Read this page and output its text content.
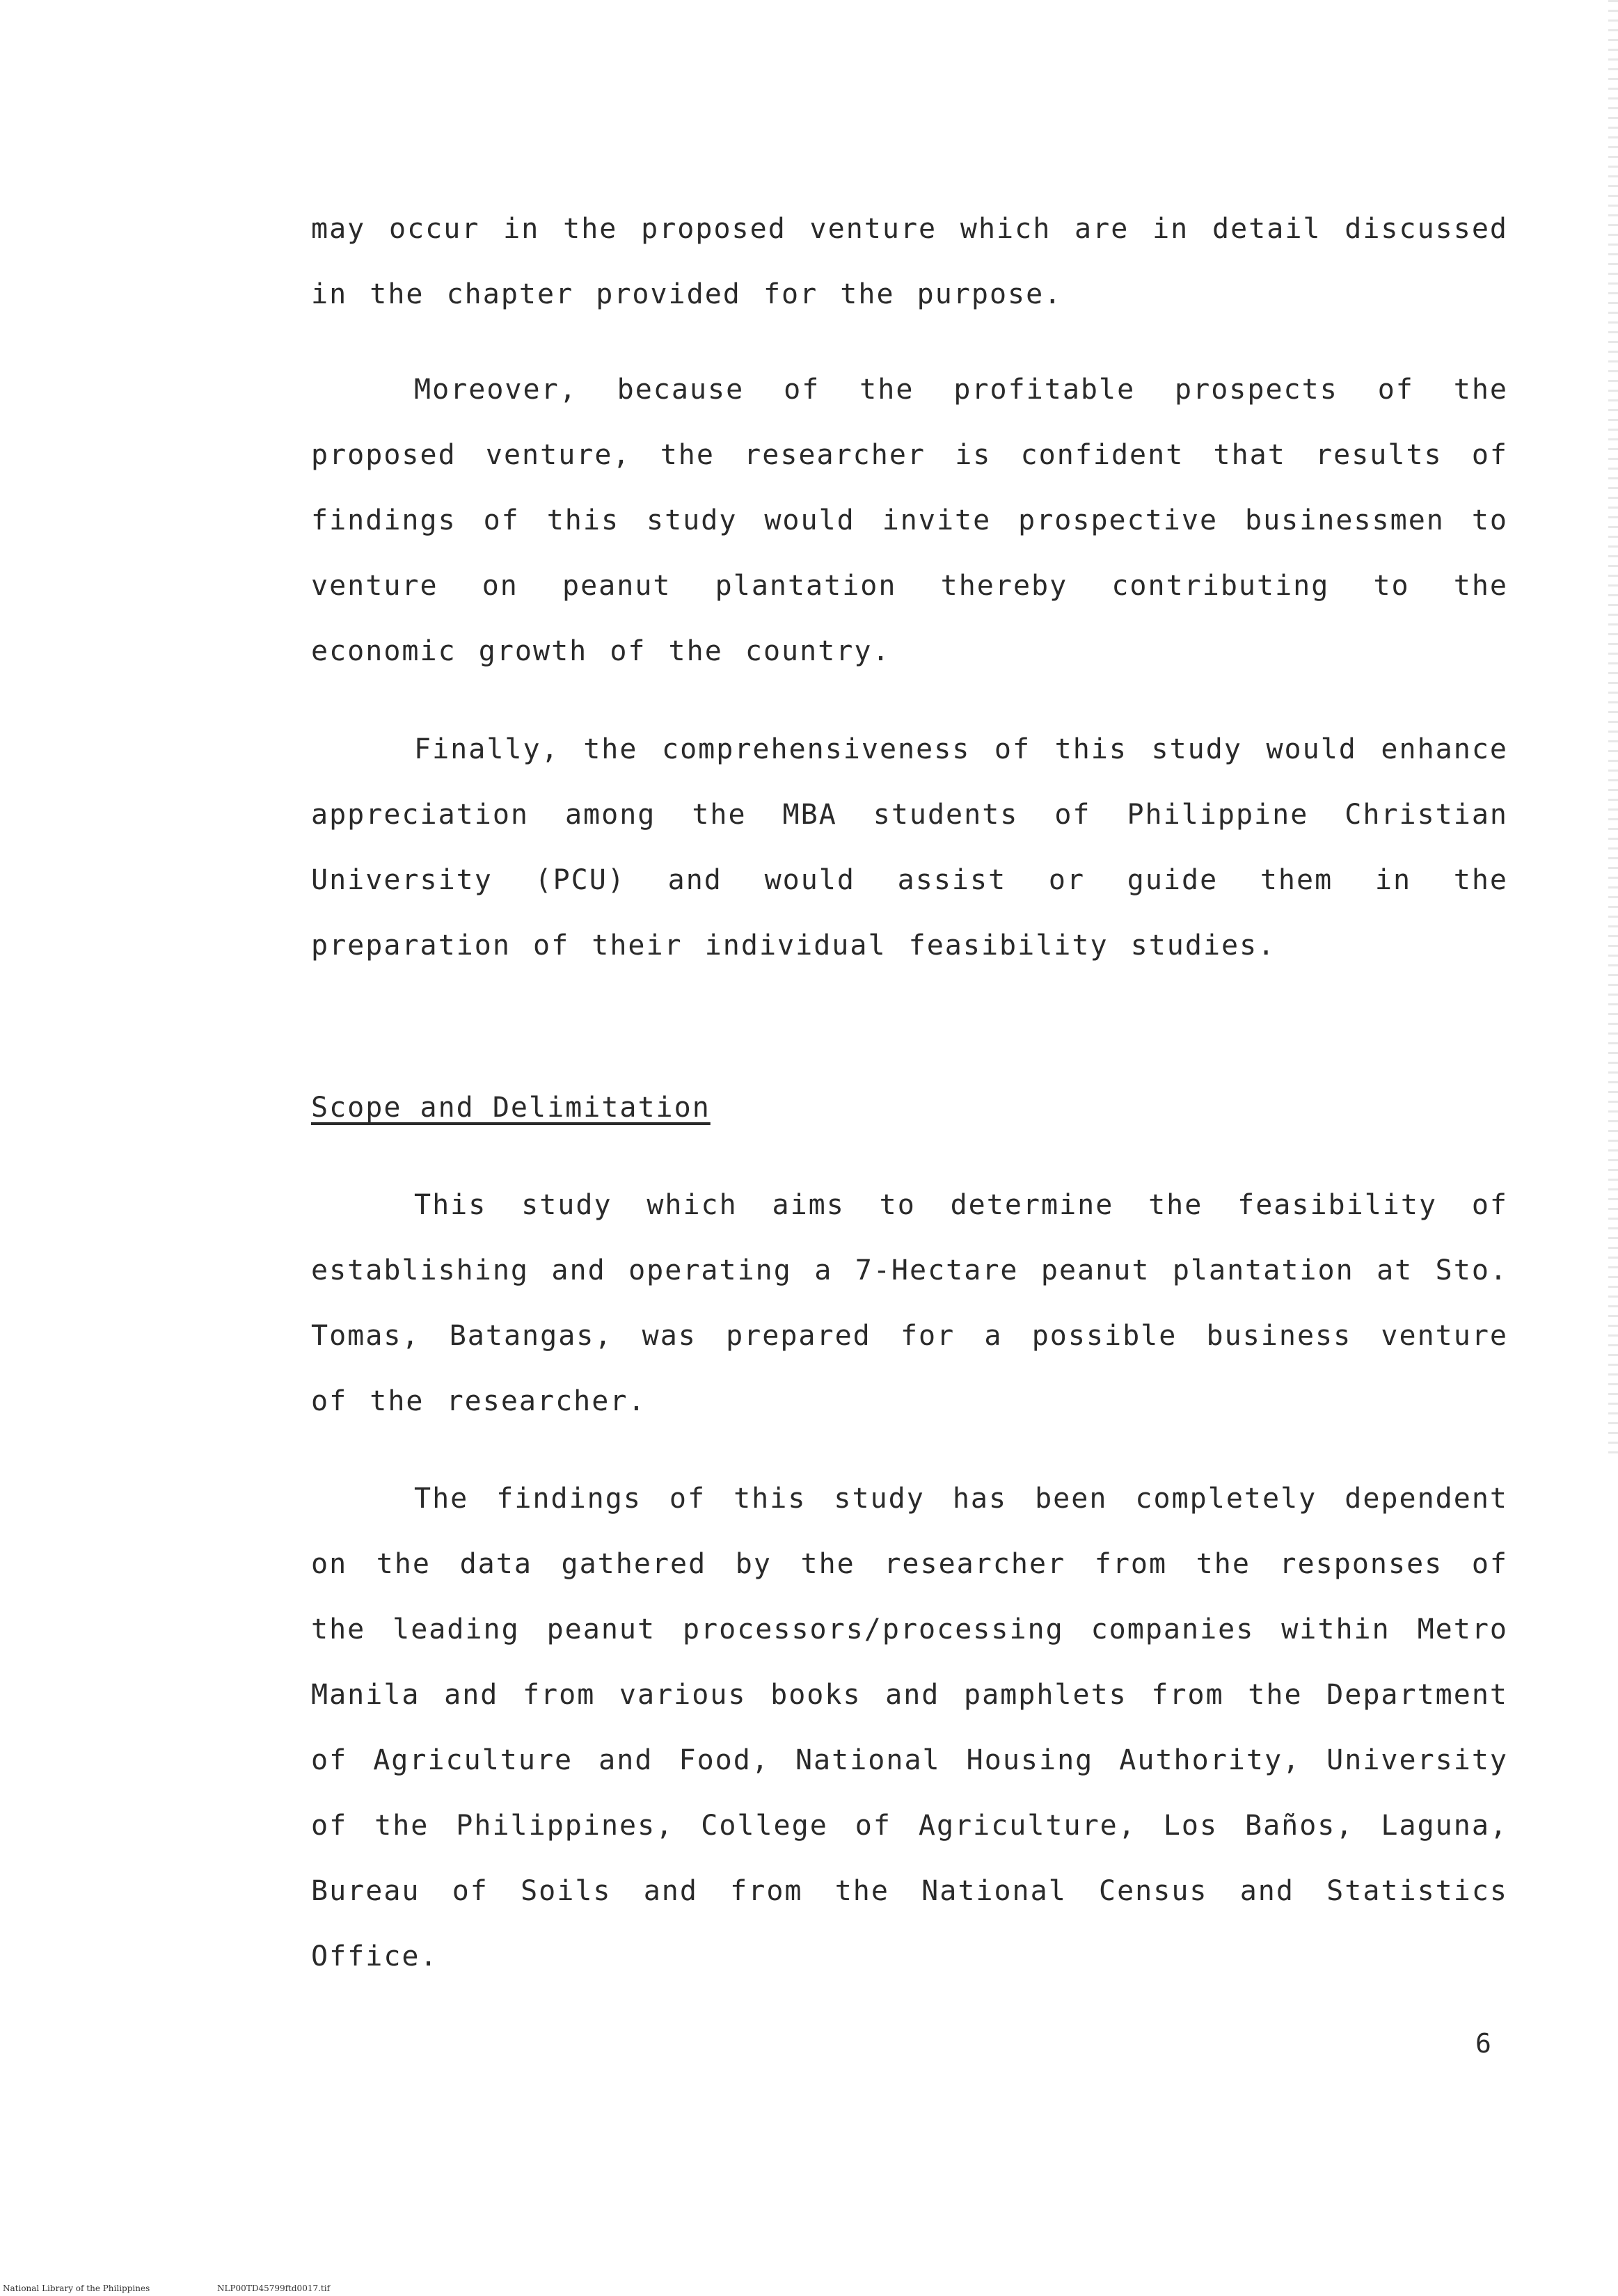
may occur in the proposed venture which are in detail discussed in the chapter provided for the purpose.

Moreover, because of the profitable prospects of the proposed venture, the researcher is confident that results of findings of this study would invite prospective businessmen to venture on peanut plantation thereby contributing to the economic growth of the country.

Finally, the comprehensiveness of this study would enhance appreciation among the MBA students of Philippine Christian University (PCU) and would assist or guide them in the preparation of their individual feasibility studies.

Scope and Delimitation

This study which aims to determine the feasibility of establishing and operating a 7-Hectare peanut plantation at Sto. Tomas, Batangas, was prepared for a possible business venture of the researcher.

The findings of this study has been completely dependent on the data gathered by the researcher from the responses of the leading peanut processors/processing companies within Metro Manila and from various books and pamphlets from the Department of Agriculture and Food, National Housing Authority, University of the Philippines, College of Agriculture, Los Baños, Laguna, Bureau of Soils and from the National Census and Statistics Office.

6
National Library of the Philippines	NLP00TD45799ftd0017.tif
